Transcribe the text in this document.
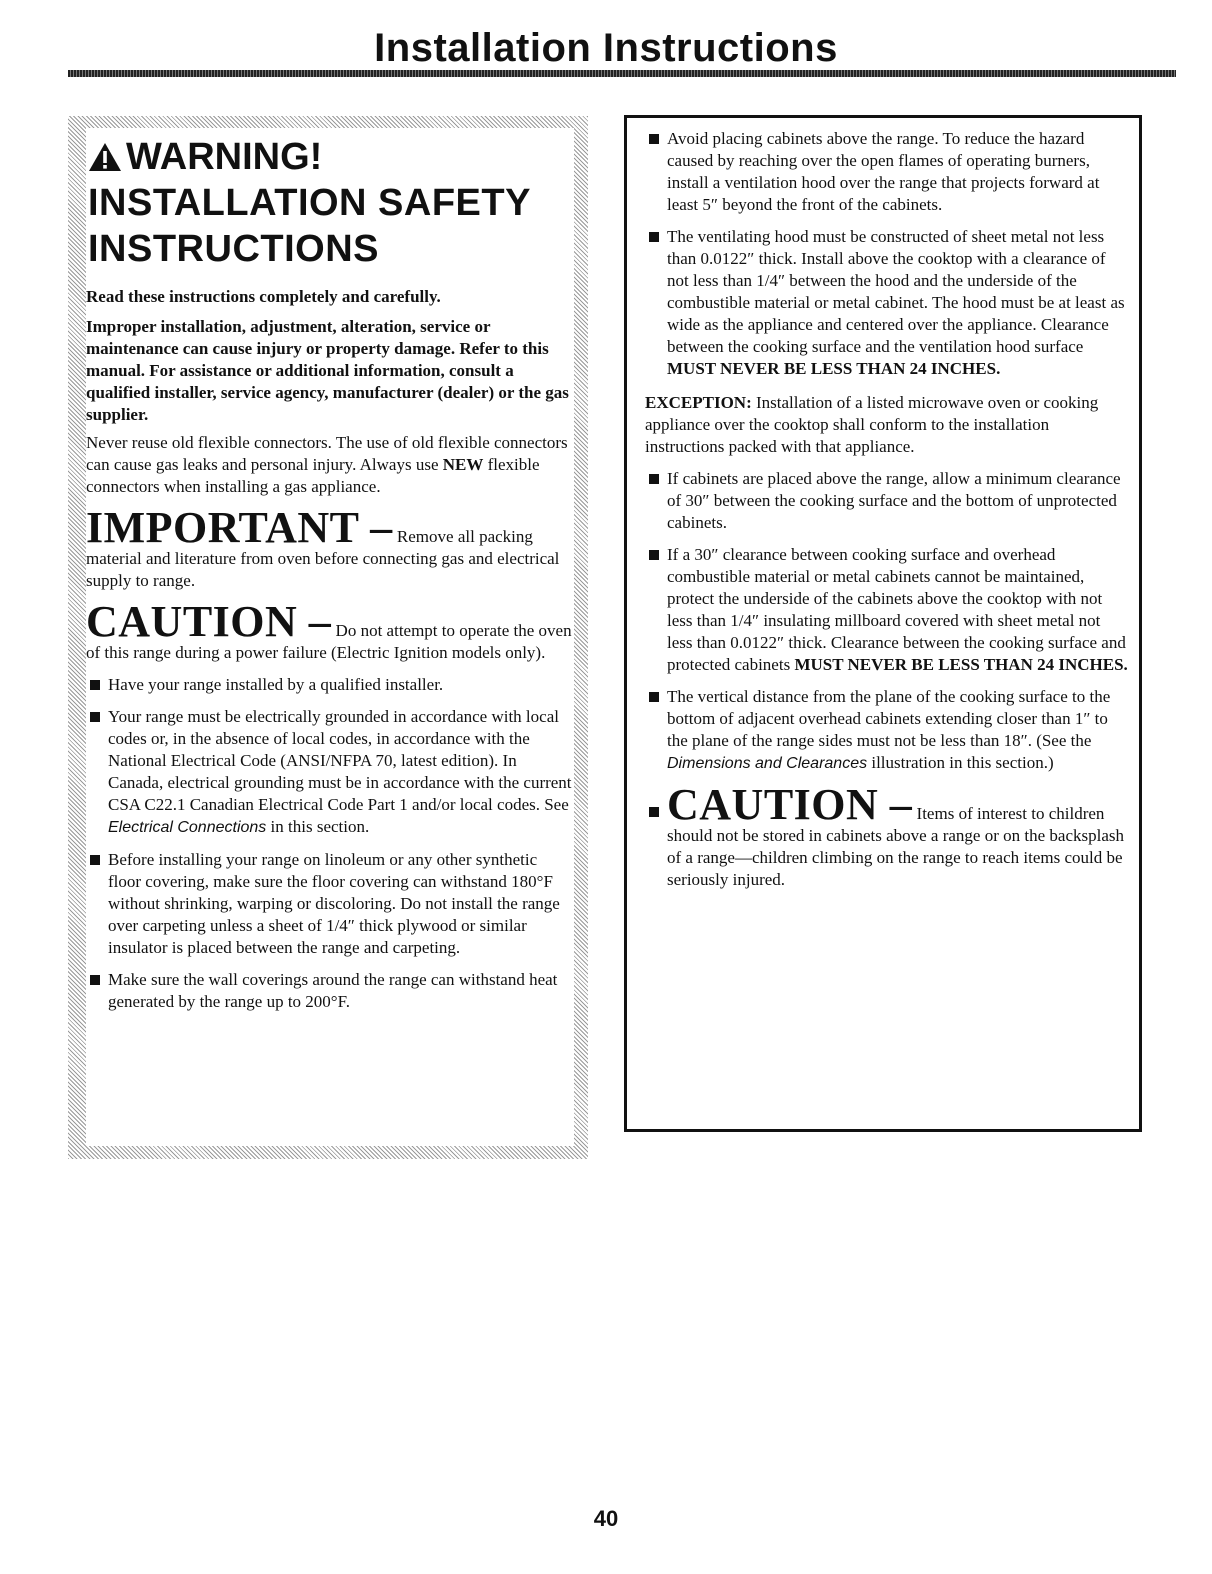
Installation Instructions
WARNING!
INSTALLATION SAFETY
INSTRUCTIONS

Read these instructions completely and carefully.

Improper installation, adjustment, alteration, service or maintenance can cause injury or property damage. Refer to this manual. For assistance or additional information, consult a qualified installer, service agency, manufacturer (dealer) or the gas supplier.

Never reuse old flexible connectors. The use of old flexible connectors can cause gas leaks and personal injury. Always use NEW flexible connectors when installing a gas appliance.

IMPORTANT – Remove all packing material and literature from oven before connecting gas and electrical supply to range.

CAUTION – Do not attempt to operate the oven of this range during a power failure (Electric Ignition models only).

Have your range installed by a qualified installer.
Your range must be electrically grounded in accordance with local codes or, in the absence of local codes, in accordance with the National Electrical Code (ANSI/NFPA 70, latest edition). In Canada, electrical grounding must be in accordance with the current CSA C22.1 Canadian Electrical Code Part 1 and/or local codes. See Electrical Connections in this section.
Before installing your range on linoleum or any other synthetic floor covering, make sure the floor covering can withstand 180°F without shrinking, warping or discoloring. Do not install the range over carpeting unless a sheet of 1/4″ thick plywood or similar insulator is placed between the range and carpeting.
Make sure the wall coverings around the range can withstand heat generated by the range up to 200°F.
Avoid placing cabinets above the range. To reduce the hazard caused by reaching over the open flames of operating burners, install a ventilation hood over the range that projects forward at least 5″ beyond the front of the cabinets.
The ventilating hood must be constructed of sheet metal not less than 0.0122″ thick. Install above the cooktop with a clearance of not less than 1/4″ between the hood and the underside of the combustible material or metal cabinet. The hood must be at least as wide as the appliance and centered over the appliance. Clearance between the cooking surface and the ventilation hood surface MUST NEVER BE LESS THAN 24 INCHES.

EXCEPTION: Installation of a listed microwave oven or cooking appliance over the cooktop shall conform to the installation instructions packed with that appliance.

If cabinets are placed above the range, allow a minimum clearance of 30″ between the cooking surface and the bottom of unprotected cabinets.
If a 30″ clearance between cooking surface and overhead combustible material or metal cabinets cannot be maintained, protect the underside of the cabinets above the cooktop with not less than 1/4″ insulating millboard covered with sheet metal not less than 0.0122″ thick. Clearance between the cooking surface and protected cabinets MUST NEVER BE LESS THAN 24 INCHES.
The vertical distance from the plane of the cooking surface to the bottom of adjacent overhead cabinets extending closer than 1″ to the plane of the range sides must not be less than 18″. (See the Dimensions and Clearances illustration in this section.)
CAUTION – Items of interest to children should not be stored in cabinets above a range or on the backsplash of a range—children climbing on the range to reach items could be seriously injured.
40
